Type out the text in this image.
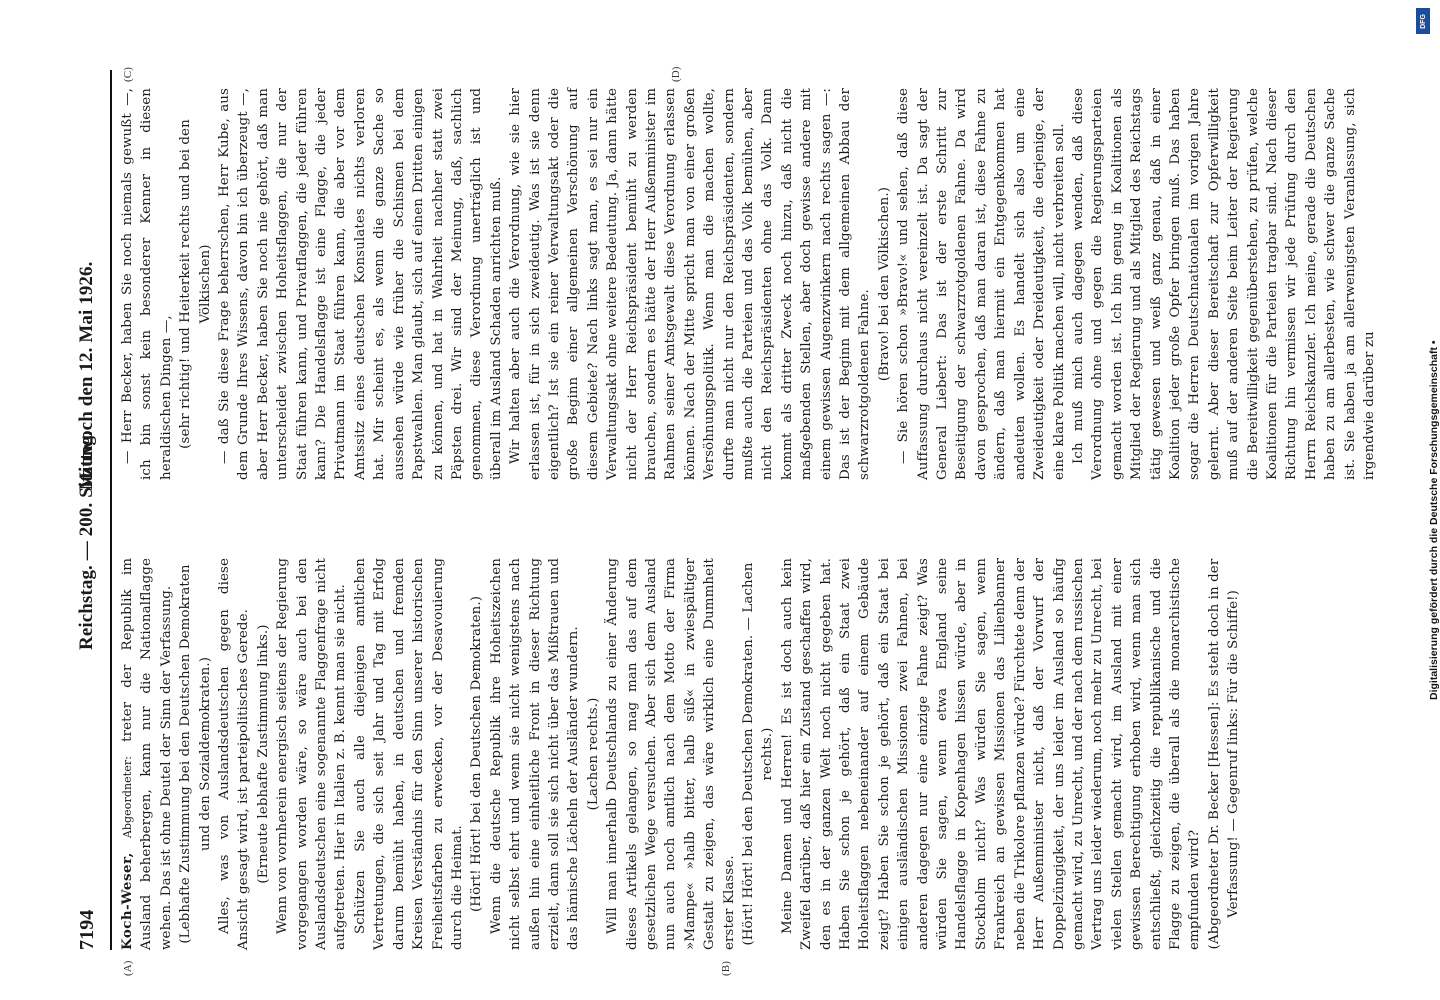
7194
Reichstag. — 200. Sitzung.
Mittwoch den 12. Mai 1926.
(A)	(B)
(C)	(D)

Koch-Weser, Abgeordneter: treter der Republik im Ausland beherbergen, kann nur die Nationalflagge wehen. Das ist ohne Deutel der Sinn der Verfassung. (Lebhafte Zustimmung bei den Deutschen Demokraten und den Sozialdemokraten.) Alles, was von Auslandsdeutschen gegen diese Ansicht gesagt wird, ist parteipolitisches Gerede. (Erneute lebhafte Zustimmung links.) Wenn von vornherein energisch seitens der Regierung vorgegangen worden wäre, so wäre auch bei den Auslandsdeutschen eine sogenannte Flaggenfrage nicht aufgetreten. Hier in Italien z. B. kennt man sie nicht. Schützen Sie auch alle diejenigen amtlichen Vertretungen, die sich seit Jahr und Tag mit Erfolg darum bemüht haben, in deutschen und fremden Kreisen Verständnis für den Sinn unserer historischen Freiheitsfarben zu erwecken, vor der Desavouierung durch die Heimat. (Hört! Hört! bei den Deutschen Demokraten.) Wenn die deutsche Republik ihre Hoheitszeichen nicht selbst ehrt und wenn sie nicht wenigstens nach außen hin eine einheitliche Front in dieser Richtung erzielt, dann soll sie sich nicht über das Mißtrauen und das hämische Lächeln der Ausländer wundern. (Lachen rechts.) Will man innerhalb Deutschlands zu einer Änderung dieses Artikels gelangen, so mag man das auf dem gesetzlichen Wege versuchen. Aber sich dem Ausland nun auch noch amtlich nach dem Motto der Firma »Mampe« »halb bitter, halb süß« in zwiespältiger Gestalt zu zeigen, das wäre wirklich eine Dummheit erster Klasse. (Hört! Hört! bei den Deutschen Demokraten. — Lachen rechts.) Meine Damen und Herren! Es ist doch auch kein Zweifel darüber, daß hier ein Zustand geschaffen wird, den es in der ganzen Welt noch nicht gegeben hat. Haben Sie schon je gehört, daß ein Staat zwei Hoheitsflaggen nebeneinander auf einem Gebäude zeigt? Haben Sie schon je gehört, daß ein Staat bei einigen ausländischen Missionen zwei Fahnen, bei anderen dagegen nur eine einzige Fahne zeigt? Was würden Sie sagen, wenn etwa England seine Handelsflagge in Kopenhagen hissen würde, aber in Stockholm nicht? Was würden Sie sagen, wenn Frankreich an gewissen Missionen das Lilienbanner neben die Trikolore pflanzen würde? Fürchtete denn der Herr Außenminister nicht, daß der Vorwurf der Doppelzüngigkeit, der uns leider im Ausland so häufig gemacht wird, zu Unrecht, und der nach dem russischen Vertrag uns leider wiederum, noch mehr zu Unrecht, bei vielen Stellen gemacht wird, im Ausland mit einer gewissen Berechtigung erhoben wird, wenn man sich entschließt, gleichzeitig die republikanische und die Flagge zu zeigen, die überall als die monarchistische empfunden wird? (Abgeordneter Dr. Becker [Hessen]: Es steht doch in der Verfassung! — Gegenruf links: Für die Schiffe!)

— Herr Becker, haben Sie noch niemals gewußt —, ich bin sonst kein besonderer Kenner in diesen heraldischen Dingen —, (sehr richtig! und Heiterkeit rechts und bei den Völkischen) — daß Sie diese Frage beherrschen, Herr Kube, aus dem Grunde Ihres Wissens, davon bin ich überzeugt —, aber Herr Becker, haben Sie noch nie gehört, daß man unterscheidet zwischen Hoheitsflaggen, die nur der Staat führen kann, und Privatflaggen, die jeder führen kann? Die Handelsflagge ist eine Flagge, die jeder Privatmann im Staat führen kann, die aber vor dem Amtssitz eines deutschen Konsulates nichts verloren hat. Mir scheint es, als wenn die ganze Sache so aussehen würde wie früher die Schismen bei dem Papstwahlen. Man glaubt, sich auf einen Dritten einigen zu können, und hat in Wahrheit nachher statt zwei Päpsten drei. Wir sind der Meinung, daß, sachlich genommen, diese Verordnung unerträglich ist und überall im Ausland Schaden anrichten muß. Wir halten aber auch die Verordnung, wie sie hier erlassen ist, für in sich zweideutig. Was ist sie denn eigentlich? Ist sie ein reiner Verwaltungsakt oder die große Beginn einer allgemeinen Verschönung auf diesem Gebiete? Nach links sagt man, es sei nur ein Verwaltungsakt ohne weitere Bedeutung. Ja, dann hätte nicht der Herr Reichspräsident bemüht zu werden brauchen, sondern es hätte der Herr Außenminister im Rahmen seiner Amtsgewalt diese Verordnung erlassen können. Nach der Mitte spricht man von einer großen Versöhnungspolitik. Wenn man die machen wollte, durfte man nicht nur den Reichspräsidenten, sondern mußte auch die Parteien und das Volk bemühen, aber nicht den Reichspräsidenten ohne das Volk. Dann kommt als dritter Zweck noch hinzu, daß nicht die maßgebenden Stellen, aber doch gewisse andere mit einem gewissen Augenzwinkern nach rechts sagen —: Das ist der Beginn mit dem allgemeinen Abbau der schwarzrotgoldenen Fahne.

(Bravo! bei den Völkischen.) — Sie hören schon »Bravo!« und sehen, daß diese Auffassung durchaus nicht vereinzelt ist. Da sagt der General Liebert: Das ist der erste Schritt zur Beseitigung der schwarzrotgoldenen Fahne. Da wird davon gesprochen, daß man daran ist, diese Fahne zu ändern, daß man hiermit ein Entgegenkommen hat andeuten wollen. Es handelt sich also um eine Zweideutigkeit oder Dreideutigkeit, die derjenige, der eine klare Politik machen will, nicht verbreiten soll. Ich muß mich auch dagegen wenden, daß diese Verordnung ohne und gegen die Regierungsparteien gemacht worden ist. Ich bin genug in Koalitionen als Mitglied der Regierung und als Mitglied des Reichstags tätig gewesen und weiß ganz genau, daß in einer Koalition jeder große Opfer bringen muß. Das haben sogar die Herren Deutschnationalen im vorigen Jahre gelernt. Aber dieser Bereitschaft zur Opferwilligkeit muß auf der anderen Seite beim Leiter der Regierung die Bereitwilligkeit gegenüberstehen, zu prüfen, welche Koalitionen für die Parteien tragbar sind. Nach dieser Richtung hin vermissen wir jede Prüfung durch den Herrn Reichskanzler. Ich meine, gerade die Deutschen haben zu am allerbesten, wie schwer die ganze Sache ist. Sie haben ja am allerwenigsten Veranlassung, sich irgendwie darüber zu	Digitalisierung gefördert durch die Deutsche Forschungsgemeinschaft •
DFG
